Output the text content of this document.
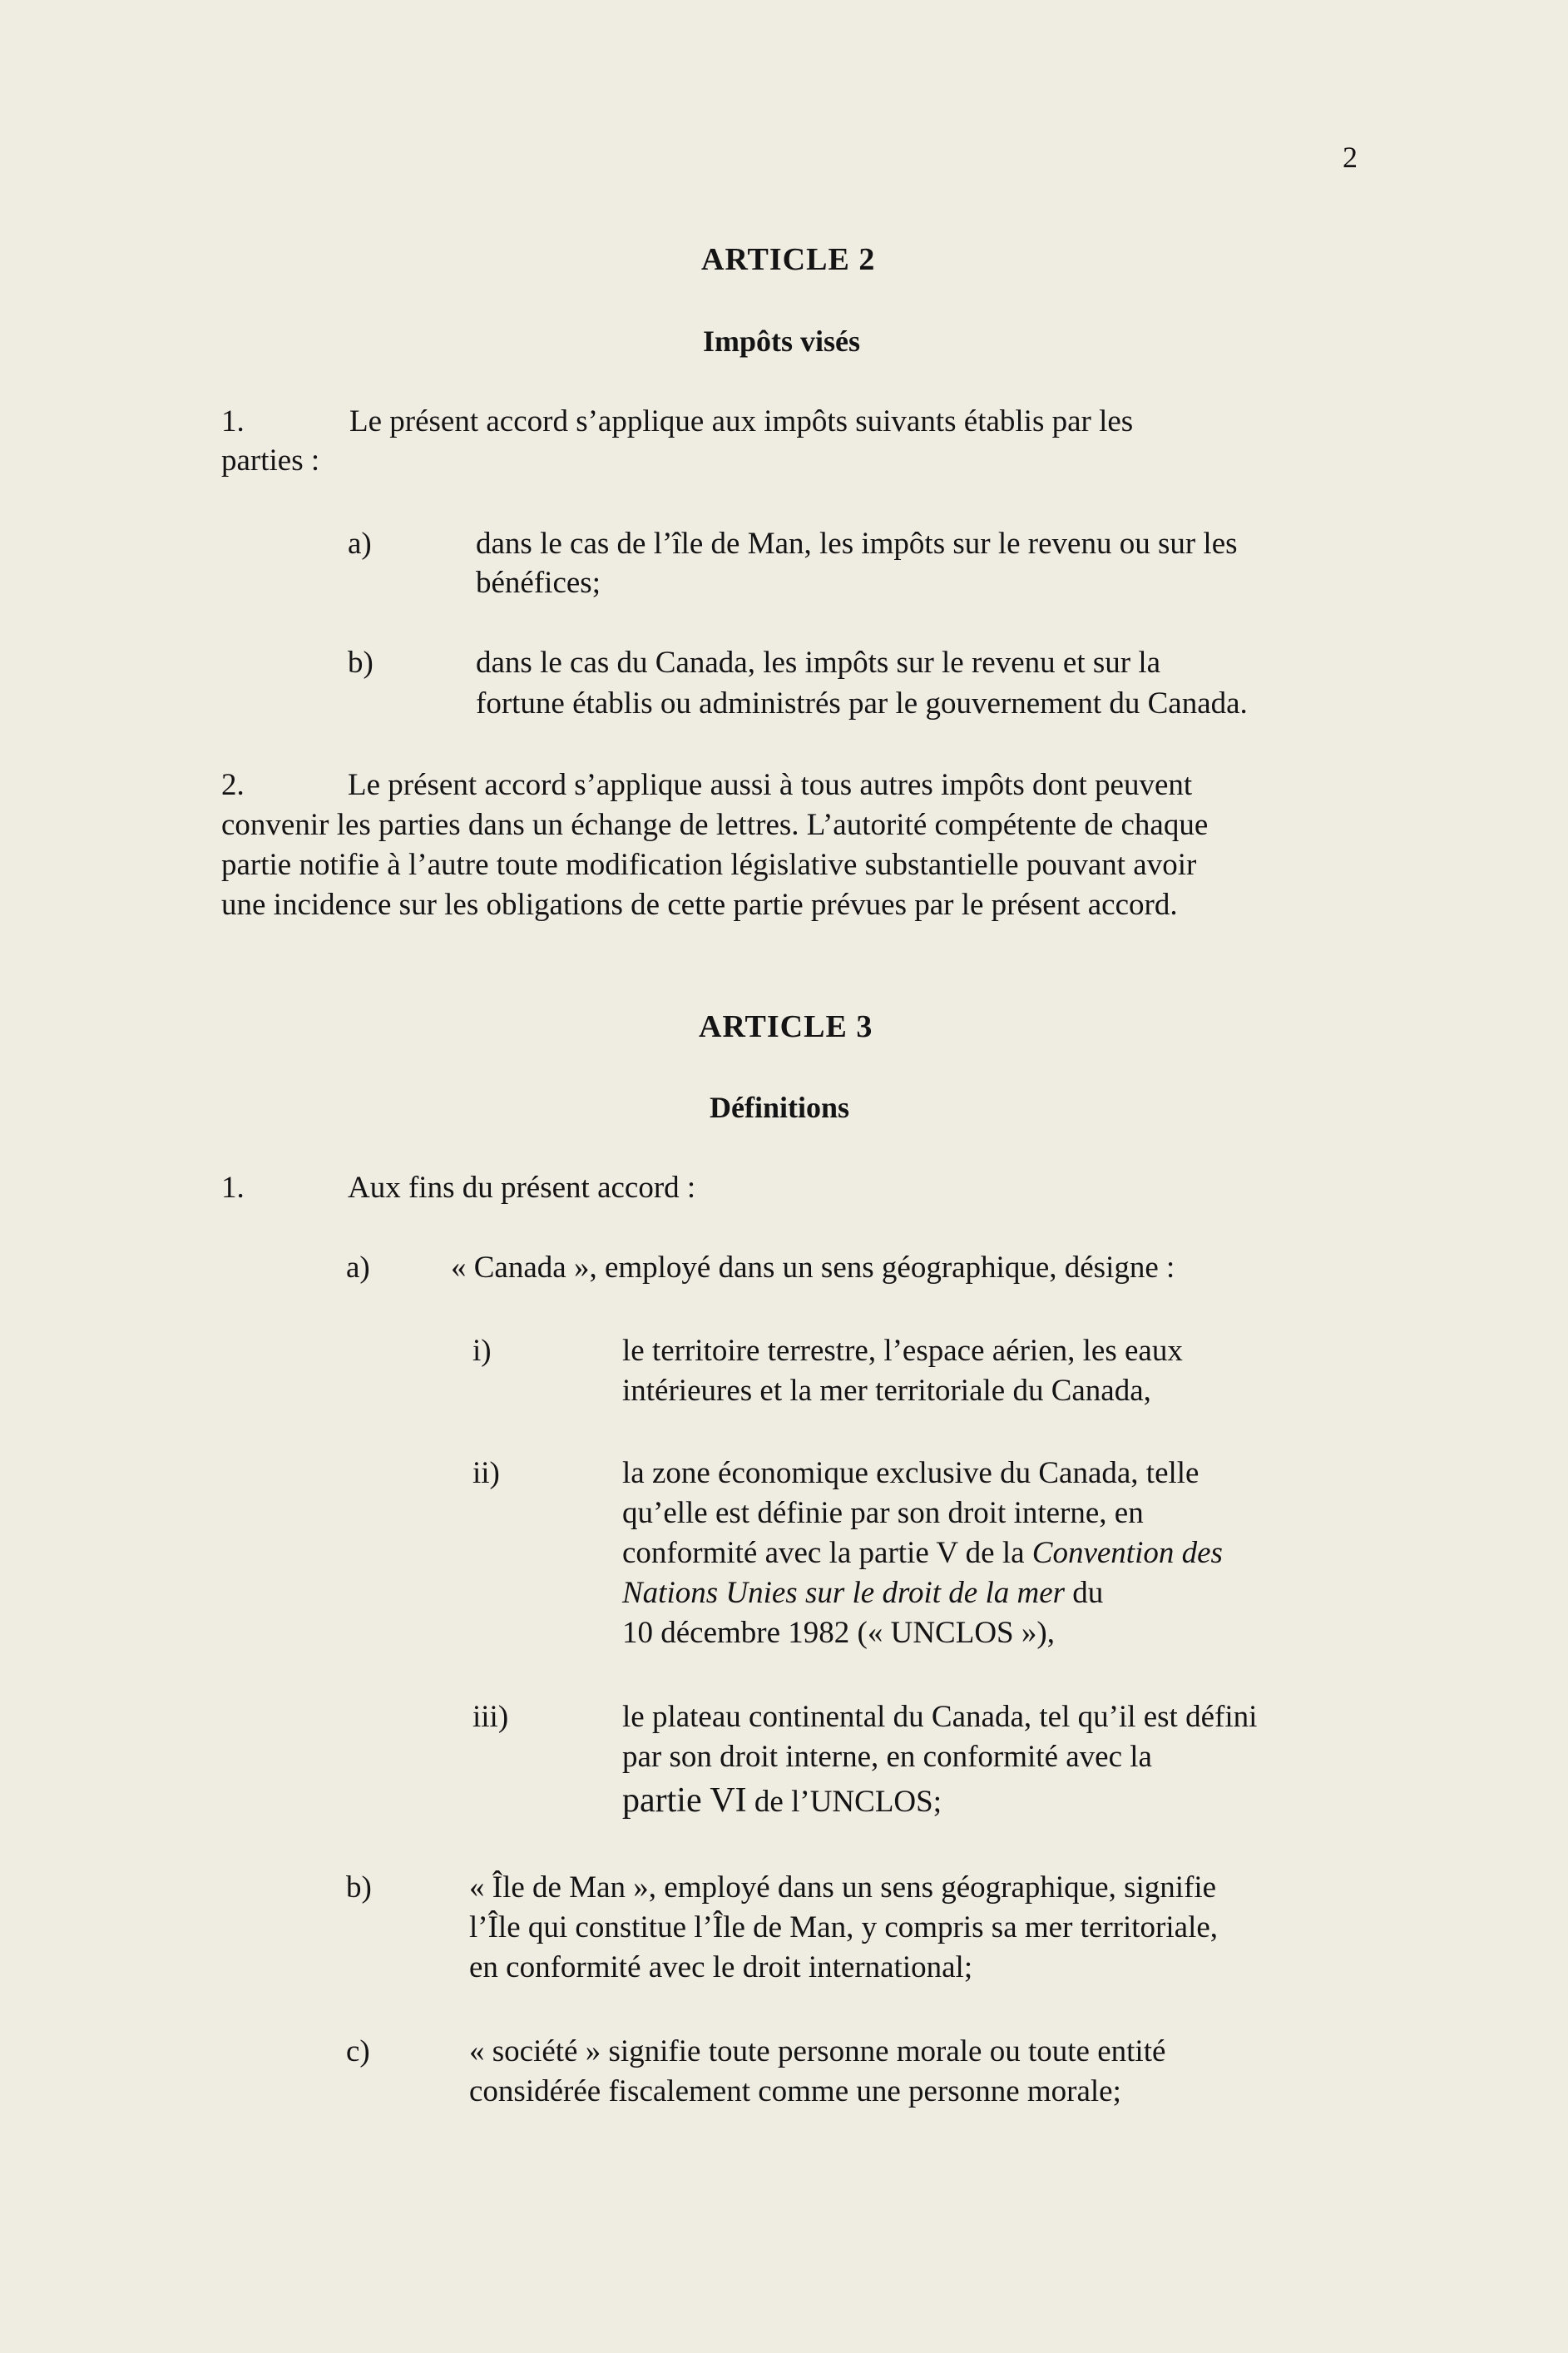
2
ARTICLE 2
Impôts visés
1.	Le présent accord s’applique aux impôts suivants établis par les
parties :
a)	dans le cas de l’île de Man, les impôts sur le revenu ou sur les
bénéfices;
b)	dans le cas du Canada, les impôts sur le revenu et sur la
fortune établis ou administrés par le gouvernement du Canada.
2.	Le présent accord s’applique aussi à tous autres impôts dont peuvent
convenir les parties dans un échange de lettres. L’autorité compétente de chaque
partie notifie à l’autre toute modification législative substantielle pouvant avoir
une incidence sur les obligations de cette partie prévues par le présent accord.
ARTICLE 3
Définitions
1.	Aux fins du présent accord :
a)	« Canada », employé dans un sens géographique, désigne :
i)	le territoire terrestre, l’espace aérien, les eaux
intérieures et la mer territoriale du Canada,
ii)	la zone économique exclusive du Canada, telle
qu’elle est définie par son droit interne, en
conformité avec la partie V de la Convention des
Nations Unies sur le droit de la mer du
10 décembre 1982 (« UNCLOS »),
iii)	le plateau continental du Canada, tel qu’il est défini
par son droit interne, en conformité avec la
partie VI de l’UNCLOS;
b)	« Île de Man », employé dans un sens géographique, signifie
l’Île qui constitue l’Île de Man, y compris sa mer territoriale,
en conformité avec le droit international;
c)	« société » signifie toute personne morale ou toute entité
considérée fiscalement comme une personne morale;
